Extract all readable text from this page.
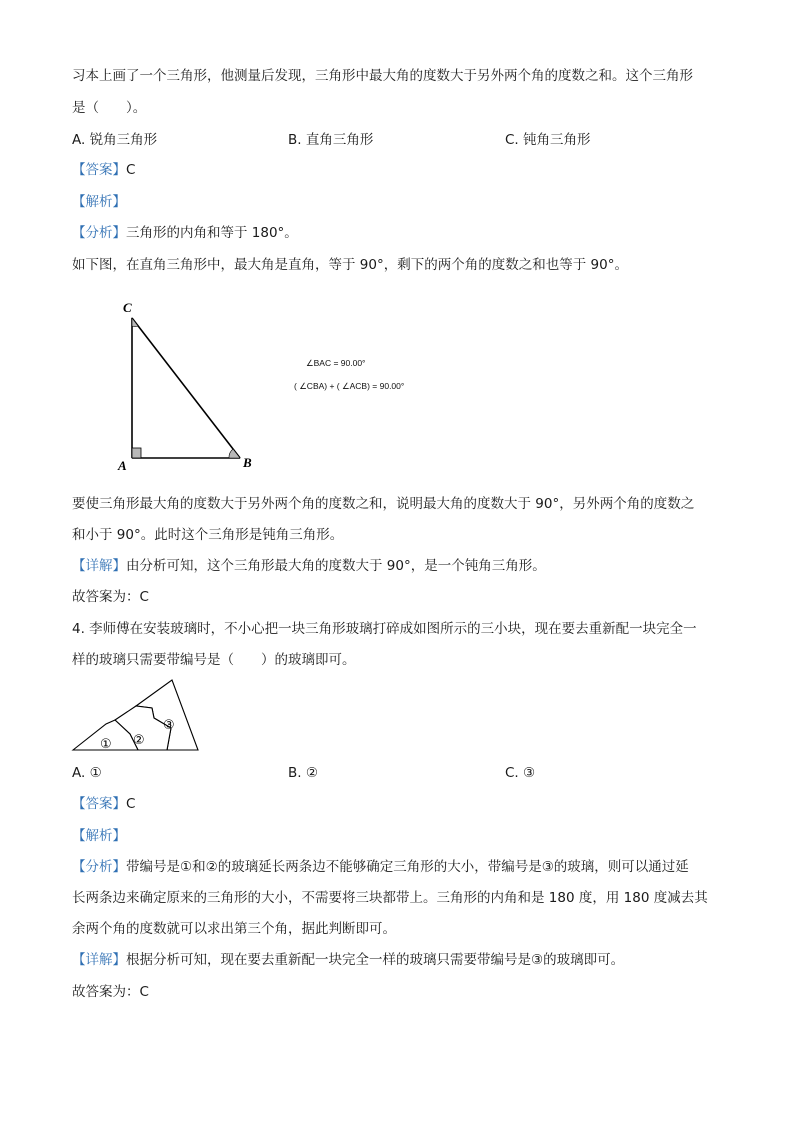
习本上画了一个三角形，他测量后发现，三角形中最大角的度数大于另外两个角的度数之和。这个三角形
是（　　）。
A. 锐角三角形	B. 直角三角形	C. 钝角三角形
【答案】C
【解析】
【分析】三角形的内角和等于 180°。
如下图，在直角三角形中，最大角是直角，等于 90°，剩下的两个角的度数之和也等于 90°。
C
A	B
∠BAC = 90.00°
( ∠CBA) + ( ∠ACB) = 90.00°
要使三角形最大角的度数大于另外两个角的度数之和，说明最大角的度数大于 90°，另外两个角的度数之
和小于 90°。此时这个三角形是钝角三角形。
【详解】由分析可知，这个三角形最大角的度数大于 90°，是一个钝角三角形。
故答案为：C
4. 李师傅在安装玻璃时，不小心把一块三角形玻璃打碎成如图所示的三小块，现在要去重新配一块完全一
样的玻璃只需要带编号是（　　）的玻璃即可。
① ②
③
A. ①	B. ②	C. ③
【答案】C
【解析】
【分析】带编号是①和②的玻璃延长两条边不能够确定三角形的大小，带编号是③的玻璃，则可以通过延
长两条边来确定原来的三角形的大小，不需要将三块都带上。三角形的内角和是 180 度，用 180 度减去其
余两个角的度数就可以求出第三个角，据此判断即可。
【详解】根据分析可知，现在要去重新配一块完全一样的玻璃只需要带编号是③的玻璃即可。
故答案为：C
